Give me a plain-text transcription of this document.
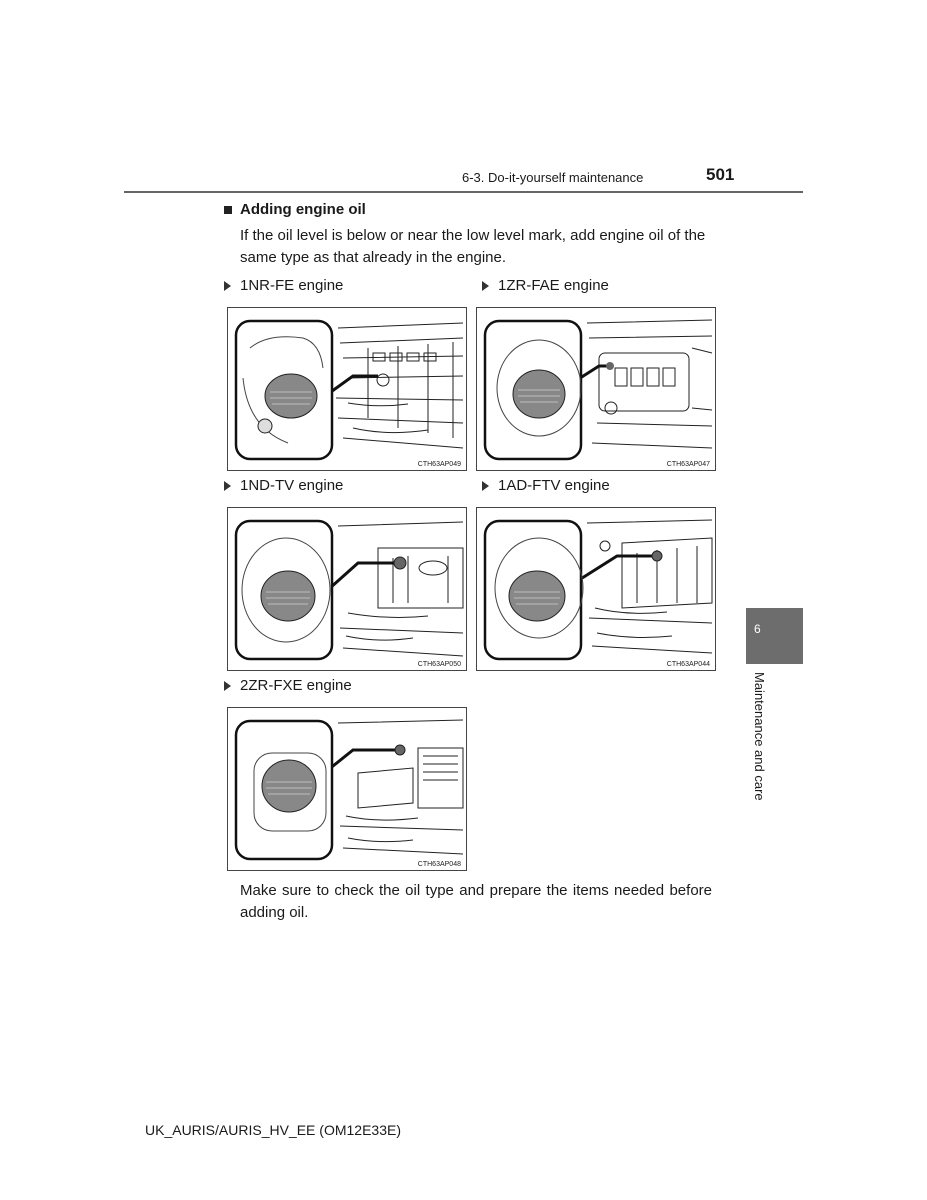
6-3. Do-it-yourself maintenance	501
Adding engine oil
If the oil level is below or near the low level mark, add engine oil of the same type as that already in the engine.
1NR-FE engine
CTH63AP049
1ZR-FAE engine
CTH63AP047
1ND-TV engine
CTH63AP050
1AD-FTV engine
CTH63AP044
2ZR-FXE engine
CTH63AP048
Make sure to check the oil type and prepare the items needed before adding oil.
6
Maintenance and care
UK_AURIS/AURIS_HV_EE (OM12E33E)
